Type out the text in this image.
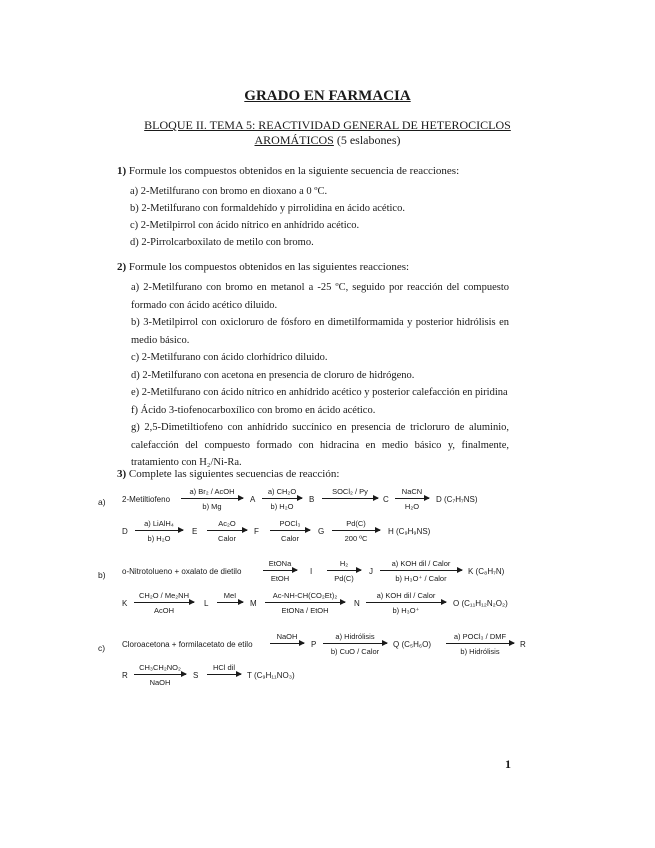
GRADO EN FARMACIA
BLOQUE II. TEMA 5: REACTIVIDAD GENERAL DE HETEROCICLOS
AROMÁTICOS (5 eslabones)
1) Formule los compuestos obtenidos en la siguiente secuencia de reacciones:
a) 2-Metilfurano con bromo en dioxano a 0 ºC.
b) 2-Metilfurano con formaldehído y pirrolidina en ácido acético.
c) 2-Metilpirrol con ácido nítrico en anhídrido acético.
d) 2-Pirrolcarboxilato de metilo con bromo.
2) Formule los compuestos obtenidos en las siguientes reacciones:
a) 2-Metilfurano con bromo en metanol a -25 ºC, seguido por reacción del compuesto formado con ácido acético diluido.
b) 3-Metilpirrol con oxicloruro de fósforo en dimetilformamida y posterior hidrólisis en medio básico.
c) 2-Metilfurano con ácido clorhídrico diluido.
d) 2-Metilfurano con acetona en presencia de cloruro de hidrógeno.
e) 2-Metilfurano con ácido nítrico en anhídrido acético y posterior calefacción en piridina
f) Ácido 3-tiofenocarboxílico con bromo en ácido acético.
g) 2,5-Dimetiltiofeno con anhídrido succínico en presencia de tricloruro de aluminio, calefacción del compuesto formado con hidracina en medio básico y, finalmente, tratamiento con H₂/Ni-Ra.
3) Complete las siguientes secuencias de reacción:
a) 2-Metiltiofeno
a) Br₂ / AcOH
b) Mg
A
a) CH₂O
b) H₂O
B
SOCl₂ / Py
C
NaCN
H₂O
D (C₇H₇NS)
D
a) LiAlH₄
b) H₂O
E
Ac₂O
Calor
F
POCl₃
Calor
G
Pd(C)
200 ºC
H (C₉H₉NS)
b) o-Nitrotolueno + oxalato de dietilo
EtONa
EtOH
I
H₂
Pd(C)
J
a) KOH dil / Calor
b) H₃O⁺ / Calor
K (C₈H₇N)
K
CH₂O / Me₂NH
AcOH
L
MeI
M
Ac-NH-CH(CO₂Et)₂
EtONa / EtOH
N
a) KOH dil / Calor
b) H₃O⁺
O (C₁₁H₁₂N₂O₂)
c) Cloroacetona + formilacetato de etilo
NaOH
P
a) Hidrólisis
b) CuO / Calor
Q (C₅H₆O)
a) POCl₃ / DMF
b) Hidrólisis
R
R
CH₃CH₂NO₂
NaOH
S
HCl dil
T (C₉H₁₁NO₃)
1
